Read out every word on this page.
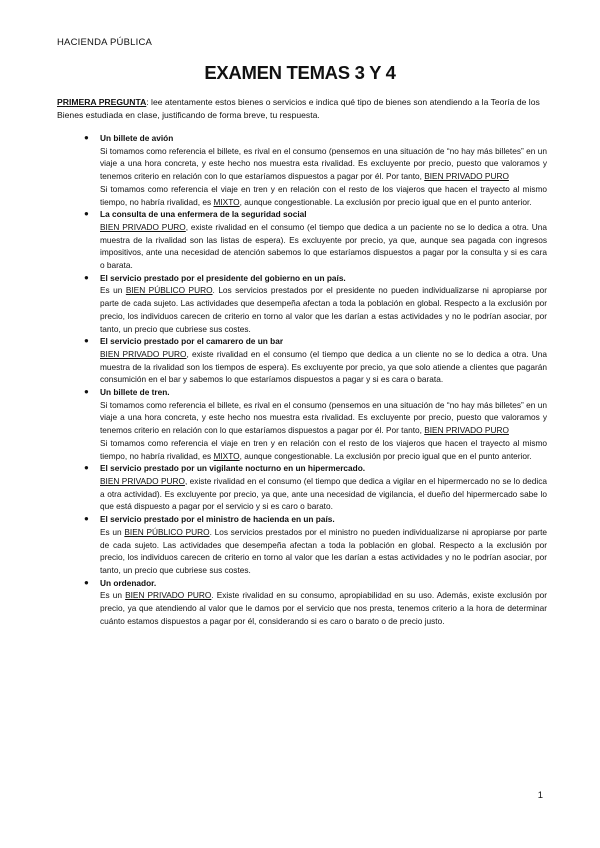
HACIENDA PÚBLICA
EXAMEN TEMAS 3 Y 4
PRIMERA PREGUNTA: lee atentamente estos bienes o servicios e indica qué tipo de bienes son atendiendo a la Teoría de los Bienes estudiada en clase, justificando de forma breve, tu respuesta.
● Un billete de avión
Si tomamos como referencia el billete, es rival en el consumo (pensemos en una situación de “no hay más billetes” en un viaje a una hora concreta, y este hecho nos muestra esta rivalidad. Es excluyente por precio, puesto que valoramos y tenemos criterio en relación con lo que estaríamos dispuestos a pagar por él. Por tanto, BIEN PRIVADO PURO
Si tomamos como referencia el viaje en tren y en relación con el resto de los viajeros que hacen el trayecto al mismo tiempo, no habría rivalidad, es MIXTO, aunque congestionable. La exclusión por precio igual que en el punto anterior.
● La consulta de una enfermera de la seguridad social
BIEN PRIVADO PURO, existe rivalidad en el consumo (el tiempo que dedica a un paciente no se lo dedica a otra. Una muestra de la rivalidad son las listas de espera). Es excluyente por precio, ya que, aunque sea pagada con ingresos impositivos, ante una necesidad de atención sabemos lo que estaríamos dispuestos a pagar por la consulta y si es cara o barata.
● El servicio prestado por el presidente del gobierno en un país.
Es un BIEN PÚBLICO PURO. Los servicios prestados por el presidente no pueden individualizarse ni apropiarse por parte de cada sujeto. Las actividades que desempeña afectan a toda la población en global. Respecto a la exclusión por precio, los individuos carecen de criterio en torno al valor que les darían a estas actividades y no le podrían asociar, por tanto, un precio que cubriese sus costes.
● El servicio prestado por el camarero de un bar
BIEN PRIVADO PURO, existe rivalidad en el consumo (el tiempo que dedica a un cliente no se lo dedica a otra. Una muestra de la rivalidad son los tiempos de espera). Es excluyente por precio, ya que solo atiende a clientes que pagarán consumición en el bar y sabemos lo que estaríamos dispuestos a pagar y si es cara o barata.
● Un billete de tren.
Si tomamos como referencia el billete, es rival en el consumo (pensemos en una situación de “no hay más billetes” en un viaje a una hora concreta, y este hecho nos muestra esta rivalidad. Es excluyente por precio, puesto que valoramos y tenemos criterio en relación con lo que estaríamos dispuestos a pagar por él. Por tanto, BIEN PRIVADO PURO
Si tomamos como referencia el viaje en tren y en relación con el resto de los viajeros que hacen el trayecto al mismo tiempo, no habría rivalidad, es MIXTO, aunque congestionable. La exclusión por precio igual que en el punto anterior.
● El servicio prestado por un vigilante nocturno en un hipermercado.
BIEN PRIVADO PURO, existe rivalidad en el consumo (el tiempo que dedica a vigilar en el hipermercado no se lo dedica a otra actividad). Es excluyente por precio, ya que, ante una necesidad de vigilancia, el dueño del hipermercado sabe lo que está dispuesto a pagar por el servicio y si es caro o barato.
● El servicio prestado por el ministro de hacienda en un país.
Es un BIEN PÚBLICO PURO. Los servicios prestados por el ministro no pueden individualizarse ni apropiarse por parte de cada sujeto. Las actividades que desempeña afectan a toda la población en global. Respecto a la exclusión por precio, los individuos carecen de criterio en torno al valor que les darían a estas actividades y no le podrían asociar, por tanto, un precio que cubriese sus costes.
● Un ordenador.
Es un BIEN PRIVADO PURO. Existe rivalidad en su consumo, apropiabilidad en su uso. Además, existe exclusión por precio, ya que atendiendo al valor que le damos por el servicio que nos presta, tenemos criterio a la hora de determinar cuánto estamos dispuestos a pagar por él, considerando si es caro o barato o de precio justo.
1
